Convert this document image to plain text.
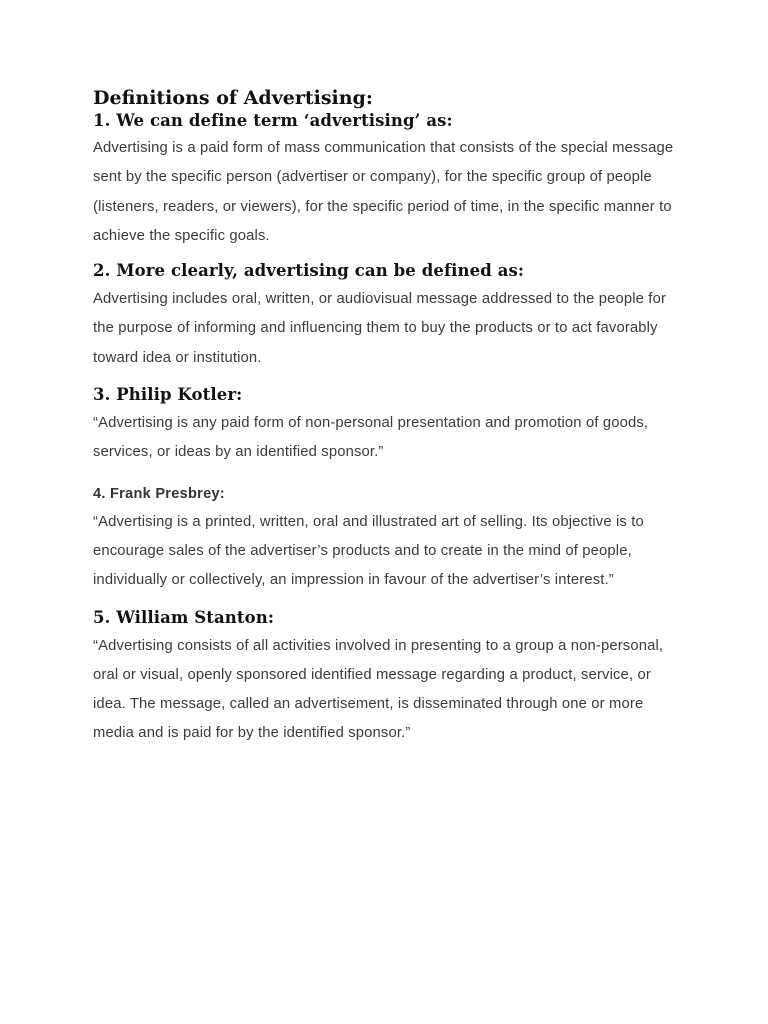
Definitions of Advertising:
1. We can define term ‘advertising’ as:

Advertising is a paid form of mass communication that consists of the special message sent by the specific person (advertiser or company), for the specific group of people (listeners, readers, or viewers), for the specific period of time, in the specific manner to achieve the specific goals.

2. More clearly, advertising can be defined as:

Advertising includes oral, written, or audiovisual message addressed to the people for the purpose of informing and influencing them to buy the products or to act favorably toward idea or institution.

3. Philip Kotler:

“Advertising is any paid form of non-personal presentation and promotion of goods, services, or ideas by an identified sponsor.”

4. Frank Presbrey:

“Advertising is a printed, written, oral and illustrated art of selling. Its objective is to encourage sales of the advertiser’s products and to create in the mind of people, individually or collectively, an impression in favour of the advertiser’s interest.”

5. William Stanton:

“Advertising consists of all activities involved in presenting to a group a non-personal, oral or visual, openly sponsored identified message regarding a product, service, or idea. The message, called an advertisement, is disseminated through one or more media and is paid for by the identified sponsor.”
